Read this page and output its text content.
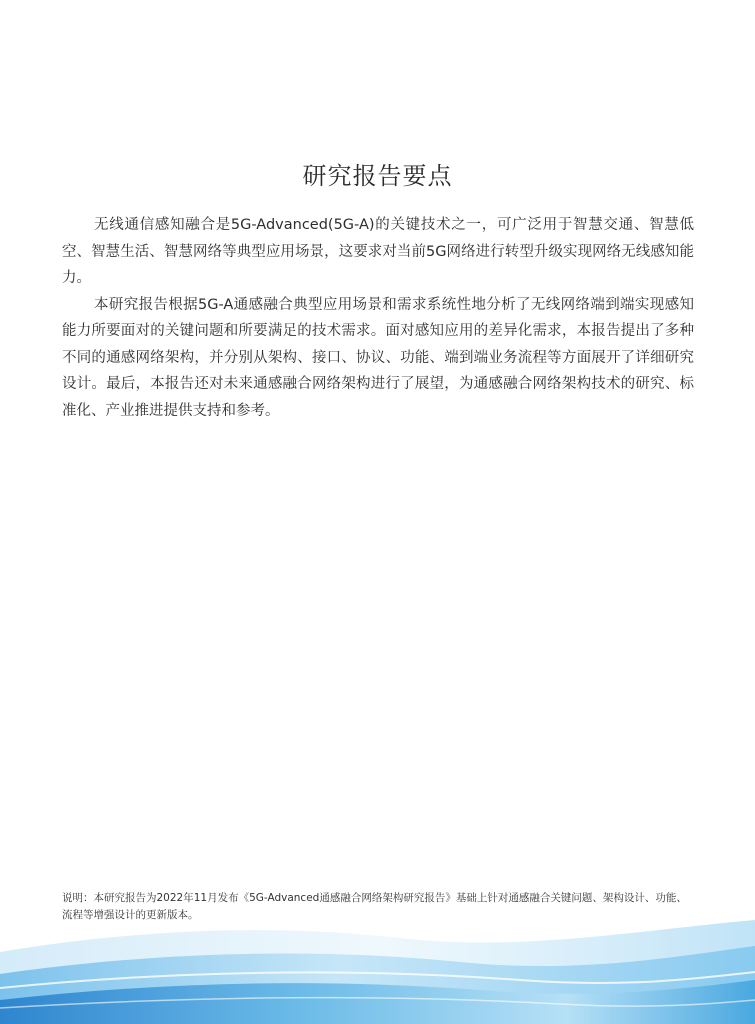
研究报告要点

无线通信感知融合是5G-Advanced(5G-A)的关键技术之一，可广泛用于智慧交通、智慧低空、智慧生活、智慧网络等典型应用场景，这要求对当前5G网络进行转型升级实现网络无线感知能力。

本研究报告根据5G-A通感融合典型应用场景和需求系统性地分析了无线网络端到端实现感知能力所要面对的关键问题和所要满足的技术需求。面对感知应用的差异化需求，本报告提出了多种不同的通感网络架构，并分别从架构、接口、协议、功能、端到端业务流程等方面展开了详细研究设计。最后，本报告还对未来通感融合网络架构进行了展望，为通感融合网络架构技术的研究、标准化、产业推进提供支持和参考。

说明：本研究报告为2022年11月发布《5G-Advanced通感融合网络架构研究报告》基础上针对通感融合关键问题、架构设计、功能、流程等增强设计的更新版本。
